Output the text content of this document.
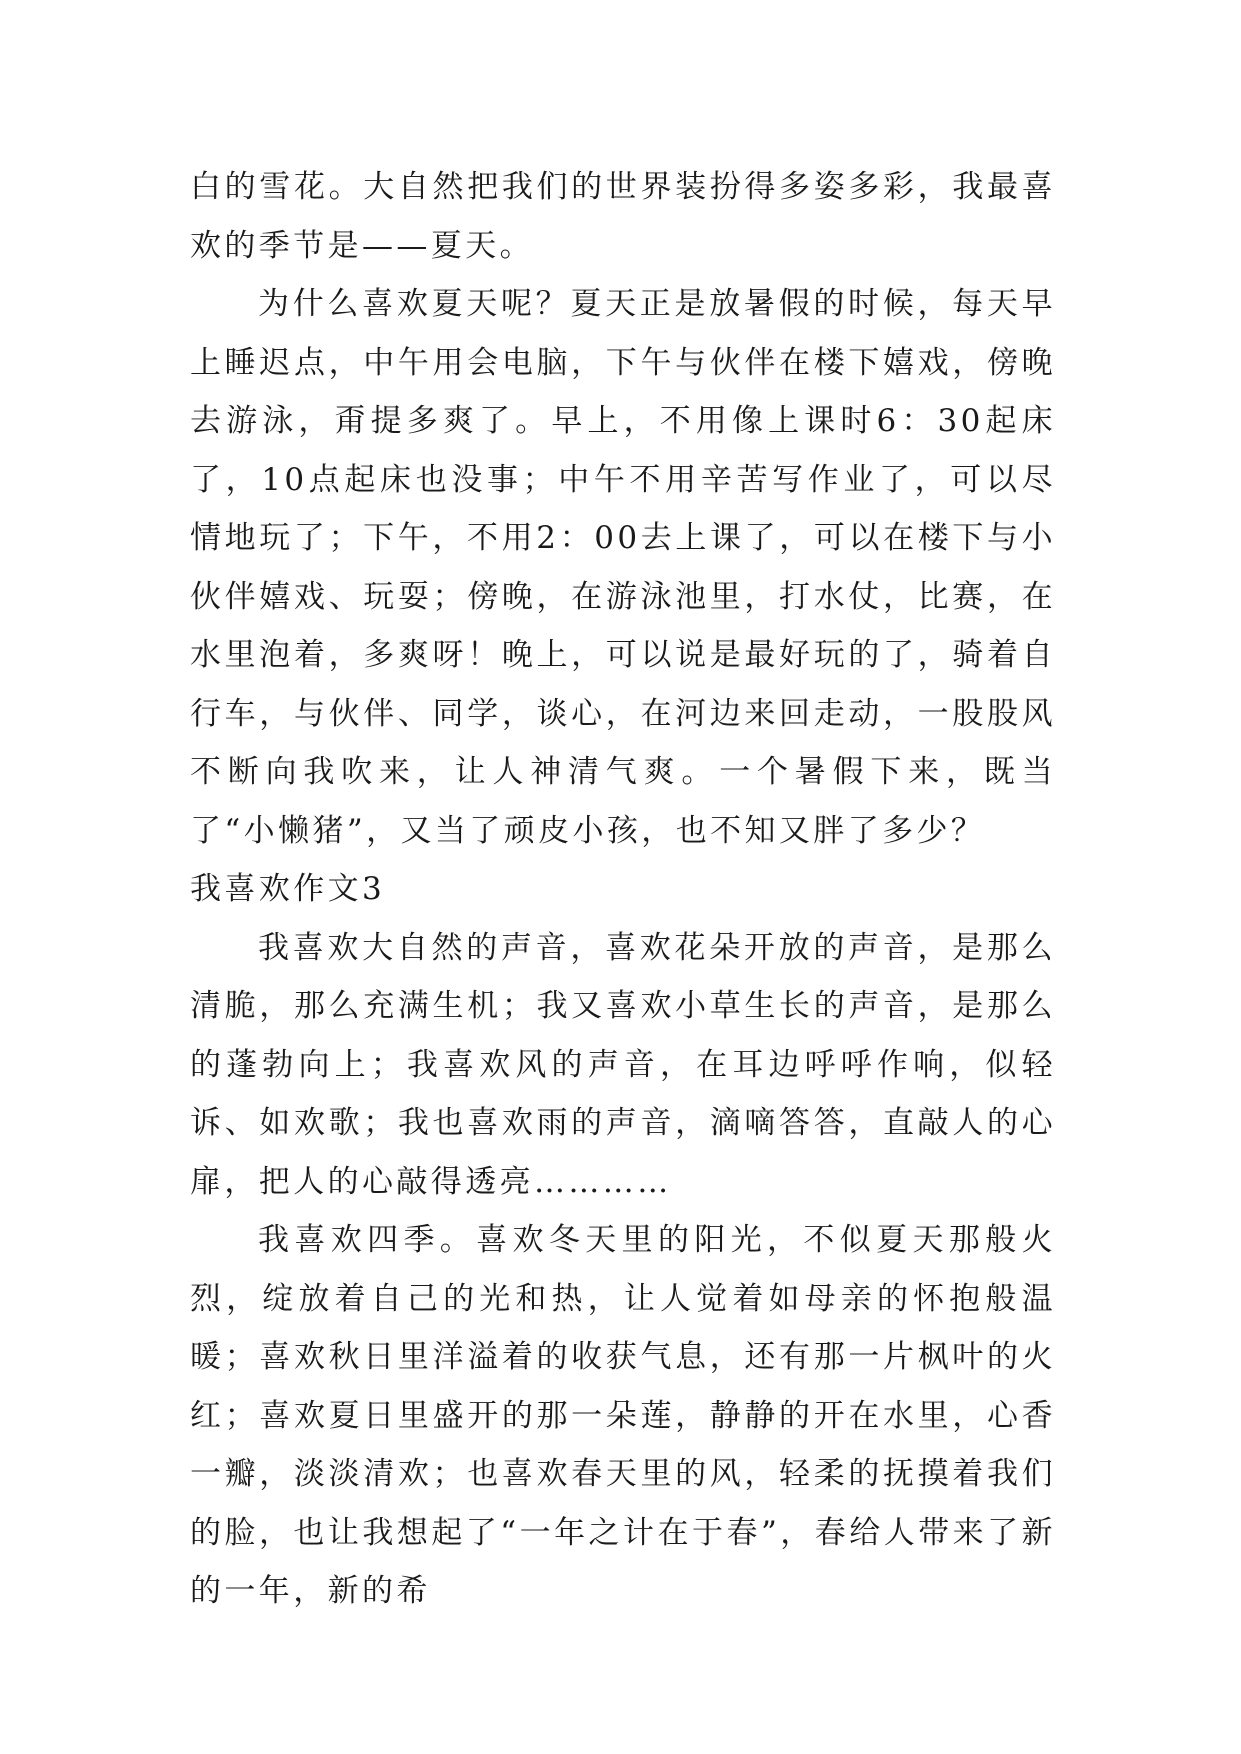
白的雪花。大自然把我们的世界装扮得多姿多彩，我最喜欢的季节是——夏天。

为什么喜欢夏天呢？夏天正是放暑假的时候，每天早上睡迟点，中午用会电脑，下午与伙伴在楼下嬉戏，傍晚去游泳，甭提多爽了。早上，不用像上课时6：30起床了，10点起床也没事；中午不用辛苦写作业了，可以尽情地玩了；下午，不用2：00去上课了，可以在楼下与小伙伴嬉戏、玩耍；傍晚，在游泳池里，打水仗，比赛，在水里泡着，多爽呀！晚上，可以说是最好玩的了，骑着自行车，与伙伴、同学，谈心，在河边来回走动，一股股风不断向我吹来，让人神清气爽。一个暑假下来，既当了“小懒猪”，又当了顽皮小孩，也不知又胖了多少？

我喜欢作文3

我喜欢大自然的声音，喜欢花朵开放的声音，是那么清脆，那么充满生机；我又喜欢小草生长的声音，是那么的蓬勃向上；我喜欢风的声音，在耳边呼呼作响，似轻诉、如欢歌；我也喜欢雨的声音，滴嘀答答，直敲人的心扉，把人的心敲得透亮…………

我喜欢四季。喜欢冬天里的阳光，不似夏天那般火烈，绽放着自己的光和热，让人觉着如母亲的怀抱般温暖；喜欢秋日里洋溢着的收获气息，还有那一片枫叶的火红；喜欢夏日里盛开的那一朵莲，静静的开在水里，心香一瓣，淡淡清欢；也喜欢春天里的风，轻柔的抚摸着我们的脸，也让我想起了“一年之计在于春”，春给人带来了新的一年，新的希
